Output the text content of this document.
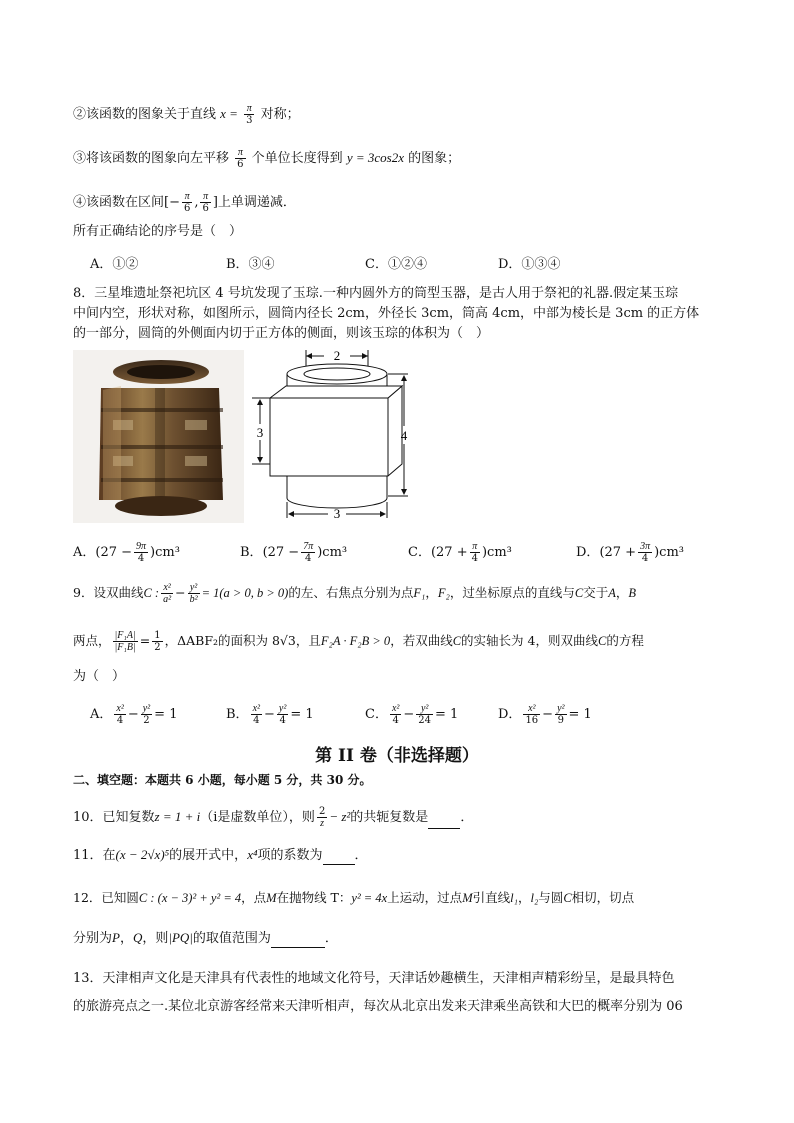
②该函数的图象关于直线 $x = \frac{\pi}{3}$ 对称；
③将该函数的图象向左平移 $\frac{\pi}{6}$ 个单位长度得到 y = 3cos2x 的图象；
④该函数在区间[− $\frac{\pi}{6}$ , $\frac{\pi}{6}$ ]上单调递减．
所有正确结论的序号是（　）
A．①②	B．③④	C．①②④	D．①③④
8．三星堆遗址祭祀坑区 4 号坑发现了玉琮.一种内圆外方的筒型玉器，是古人用于祭祀的礼器.假定某玉琮
中间内空，形状对称，如图所示，圆筒内径长 2cm，外径长 3cm，筒高 4cm，中部为棱长是 3cm 的正方体
的一部分，圆筒的外侧面内切于正方体的侧面，则该玉琮的体积为（　）
2
3	4
3
A．$(27 - \frac{9\pi}{4} )cm^3$	B．$(27 - \frac{7\pi}{4} )cm^3$	C．$(27 + \frac{\pi}{4} )cm^3$	D．$(27 + \frac{3\pi}{4} )cm^3$
9．设双曲线C : $\frac{\text{x²}}{\text{a²}} - \frac{\text{y²}}{\text{b²}} = 1(a > 0$, b > 0)的左、右焦点分别为点F₁，F₂，过坐标原点的直线与C交于A，B
两点， $\frac{\text{|F₁A|}}{\text{|F₁B|}} = \frac{1}{2}$ ，ΔABF₂的面积为 8√3，且F₂A · F₂B > 0，若双曲线C的实轴长为 4，则双曲线C的方程
为（　）
A． $\frac{\text{x²}}{4} - \frac{\text{y²}}{2} = 1$	B． $\frac{\text{x²}}{4} - \frac{\text{y²}}{4} = 1$	C． $\frac{\text{x²}}{4} - \frac{\text{y²}}{24} = 1$	D． $\frac{\text{x²}}{16} - \frac{\text{y²}}{9} = 1$
第 II 卷（非选择题）
二、填空题：本题共 6 小题，每小题 5 分，共 30 分。
10．已知复数z = 1 + i（i是虚数单位），则 $\frac{2}{z} - z^2$的共轭复数是 ．
11．在(x − 2√x)⁵的展开式中，x⁴项的系数为 ．
12．已知圆C : (x − 3)² + y² = 4，点M在抛物线 T：y² = 4x上运动，过点M引直线l₁，l₂与圆C相切，切点
分别为P，Q，则|PQ|的取值范围为	．
13．天津相声文化是天津具有代表性的地域文化符号，天津话妙趣横生，天津相声精彩纷呈，是最具特色
的旅游亮点之一.某位北京游客经常来天津听相声，每次从北京出发来天津乘坐高铁和大巴的概率分别为 06
